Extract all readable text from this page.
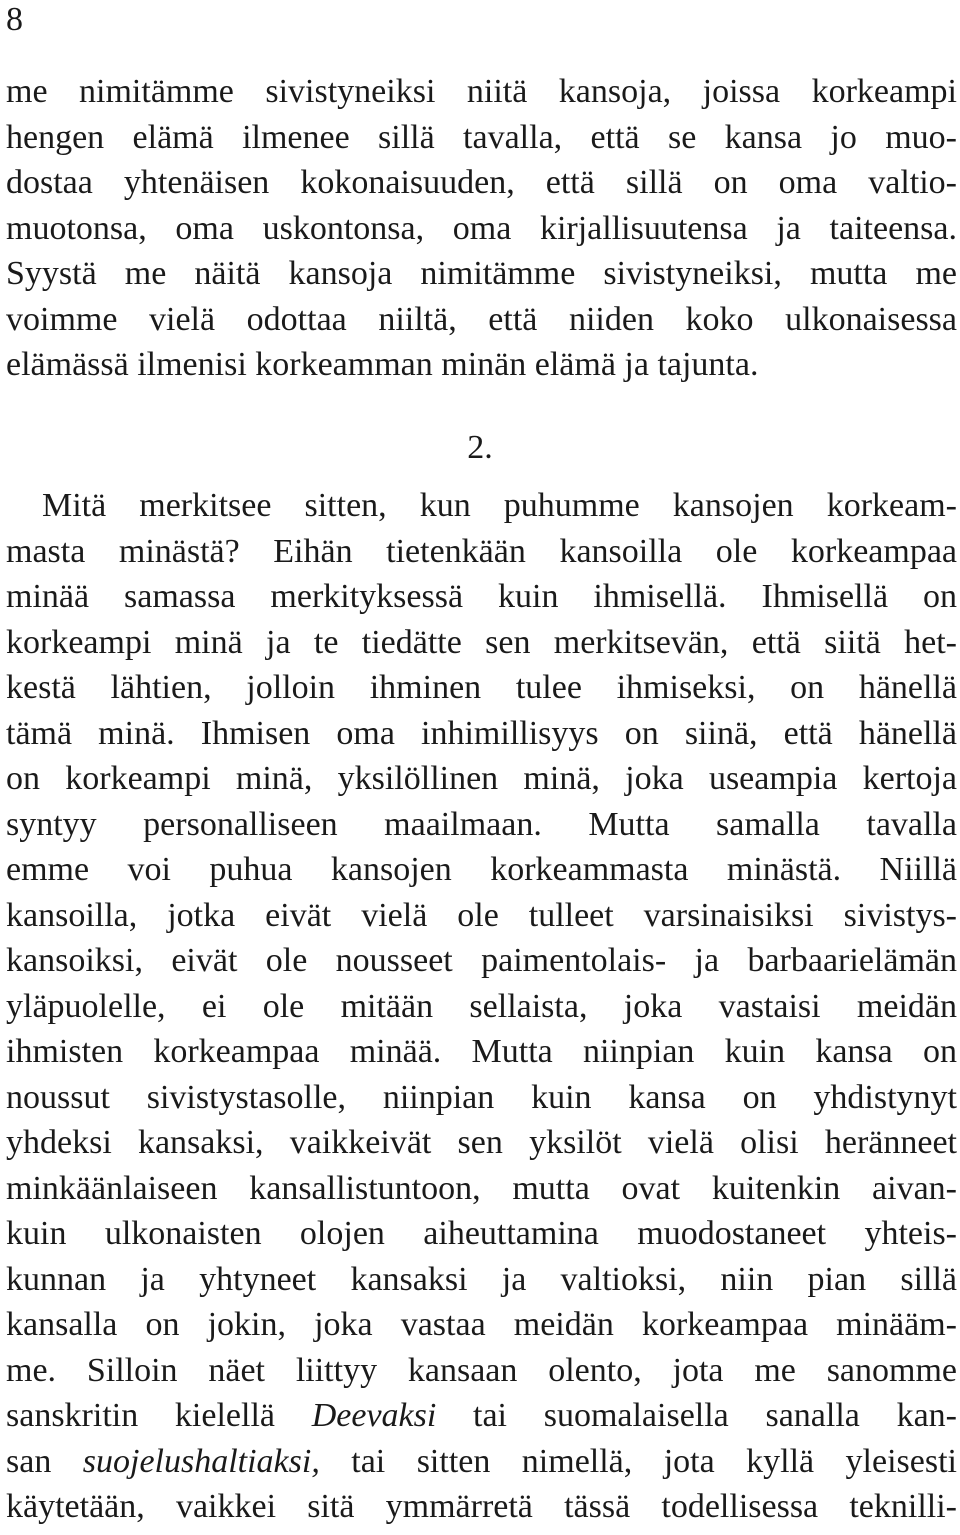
8
me nimitämme sivistyneiksi niitä kansoja, joissa korkeampi
hengen elämä ilmenee sillä tavalla, että se kansa jo muo-
dostaa yhtenäisen kokonaisuuden, että sillä on oma valtio-
muotonsa, oma uskontonsa, oma kirjallisuutensa ja taiteensa.
Syystä me näitä kansoja nimitämme sivistyneiksi, mutta me
voimme vielä odottaa niiltä, että niiden koko ulkonaisessa
elämässä ilmenisi korkeamman minän elämä ja tajunta.
2.
Mitä merkitsee sitten, kun puhumme kansojen korkeam-
masta minästä? Eihän tietenkään kansoilla ole korkeampaa
minää samassa merkityksessä kuin ihmisellä. Ihmisellä on
korkeampi minä ja te tiedätte sen merkitsevän, että siitä het-
kestä lähtien, jolloin ihminen tulee ihmiseksi, on hänellä
tämä minä. Ihmisen oma inhimillisyys on siinä, että hänellä
on korkeampi minä, yksilöllinen minä, joka useampia kertoja
syntyy personalliseen maailmaan. Mutta samalla tavalla
emme voi puhua kansojen korkeammasta minästä. Niillä
kansoilla, jotka eivät vielä ole tulleet varsinaisiksi sivistys-
kansoiksi, eivät ole nousseet paimentolais- ja barbaarielämän
yläpuolelle, ei ole mitään sellaista, joka vastaisi meidän
ihmisten korkeampaa minää. Mutta niinpian kuin kansa on
noussut sivistystasolle, niinpian kuin kansa on yhdistynyt
yhdeksi kansaksi, vaikkeivät sen yksilöt vielä olisi heränneet
minkäänlaiseen kansallistuntoon, mutta ovat kuitenkin aivan-
kuin ulkonaisten olojen aiheuttamina muodostaneet yhteis-
kunnan ja yhtyneet kansaksi ja valtioksi, niin pian sillä
kansalla on jokin, joka vastaa meidän korkeampaa minääm-
me. Silloin näet liittyy kansaan olento, jota me sanomme
sanskritin kielellä Deevaksi tai suomalaisella sanalla kan-
san suojelushaltiaksi, tai sitten nimellä, jota kyllä yleisesti
käytetään, vaikkei sitä ymmärretä tässä todellisessa teknilli-
